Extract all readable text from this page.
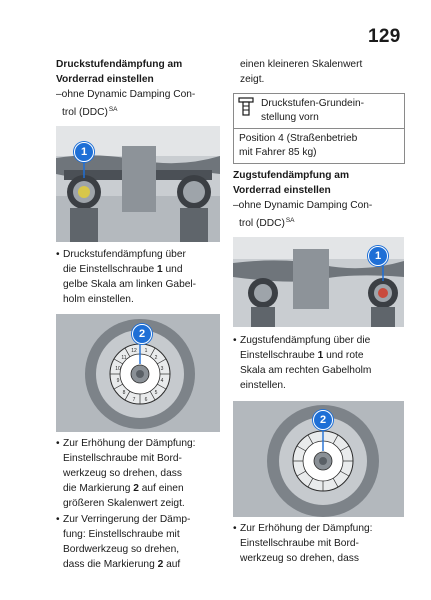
129

Druckstufendämpfung am
Vorderrad einstellen

–ohne Dynamic Damping Con-
trol (DDC)$^{SA}$

1

• Druckstufendämpfung über
die Einstellschraube 1 und
gelbe Skala am linken Gabel-
holm einstellen.

1
2
3
4
5
6
7
8
9
10
11
12
2

• Zur Erhöhung der Dämpfung:
Einstellschraube mit Bord-
werkzeug so drehen, dass
die Markierung 2 auf einen
größeren Skalenwert zeigt.

• Zur Verringerung der Dämp-
fung: Einstellschraube mit
Bordwerkzeug so drehen,
dass die Markierung 2 auf

einen kleineren Skalenwert
zeigt.

Druckstufen-Grundein-
stellung vorn
Position 4 (Straßenbetrieb
mit Fahrer 85 kg)

Zugstufendämpfung am
Vorderrad einstellen

–ohne Dynamic Damping Con-
trol (DDC)$^{SA}$

1

• Zugstufendämpfung über die
Einstellschraube 1 und rote
Skala am rechten Gabelholm
einstellen.

2

• Zur Erhöhung der Dämpfung:
Einstellschraube mit Bord-
werkzeug so drehen, dass
